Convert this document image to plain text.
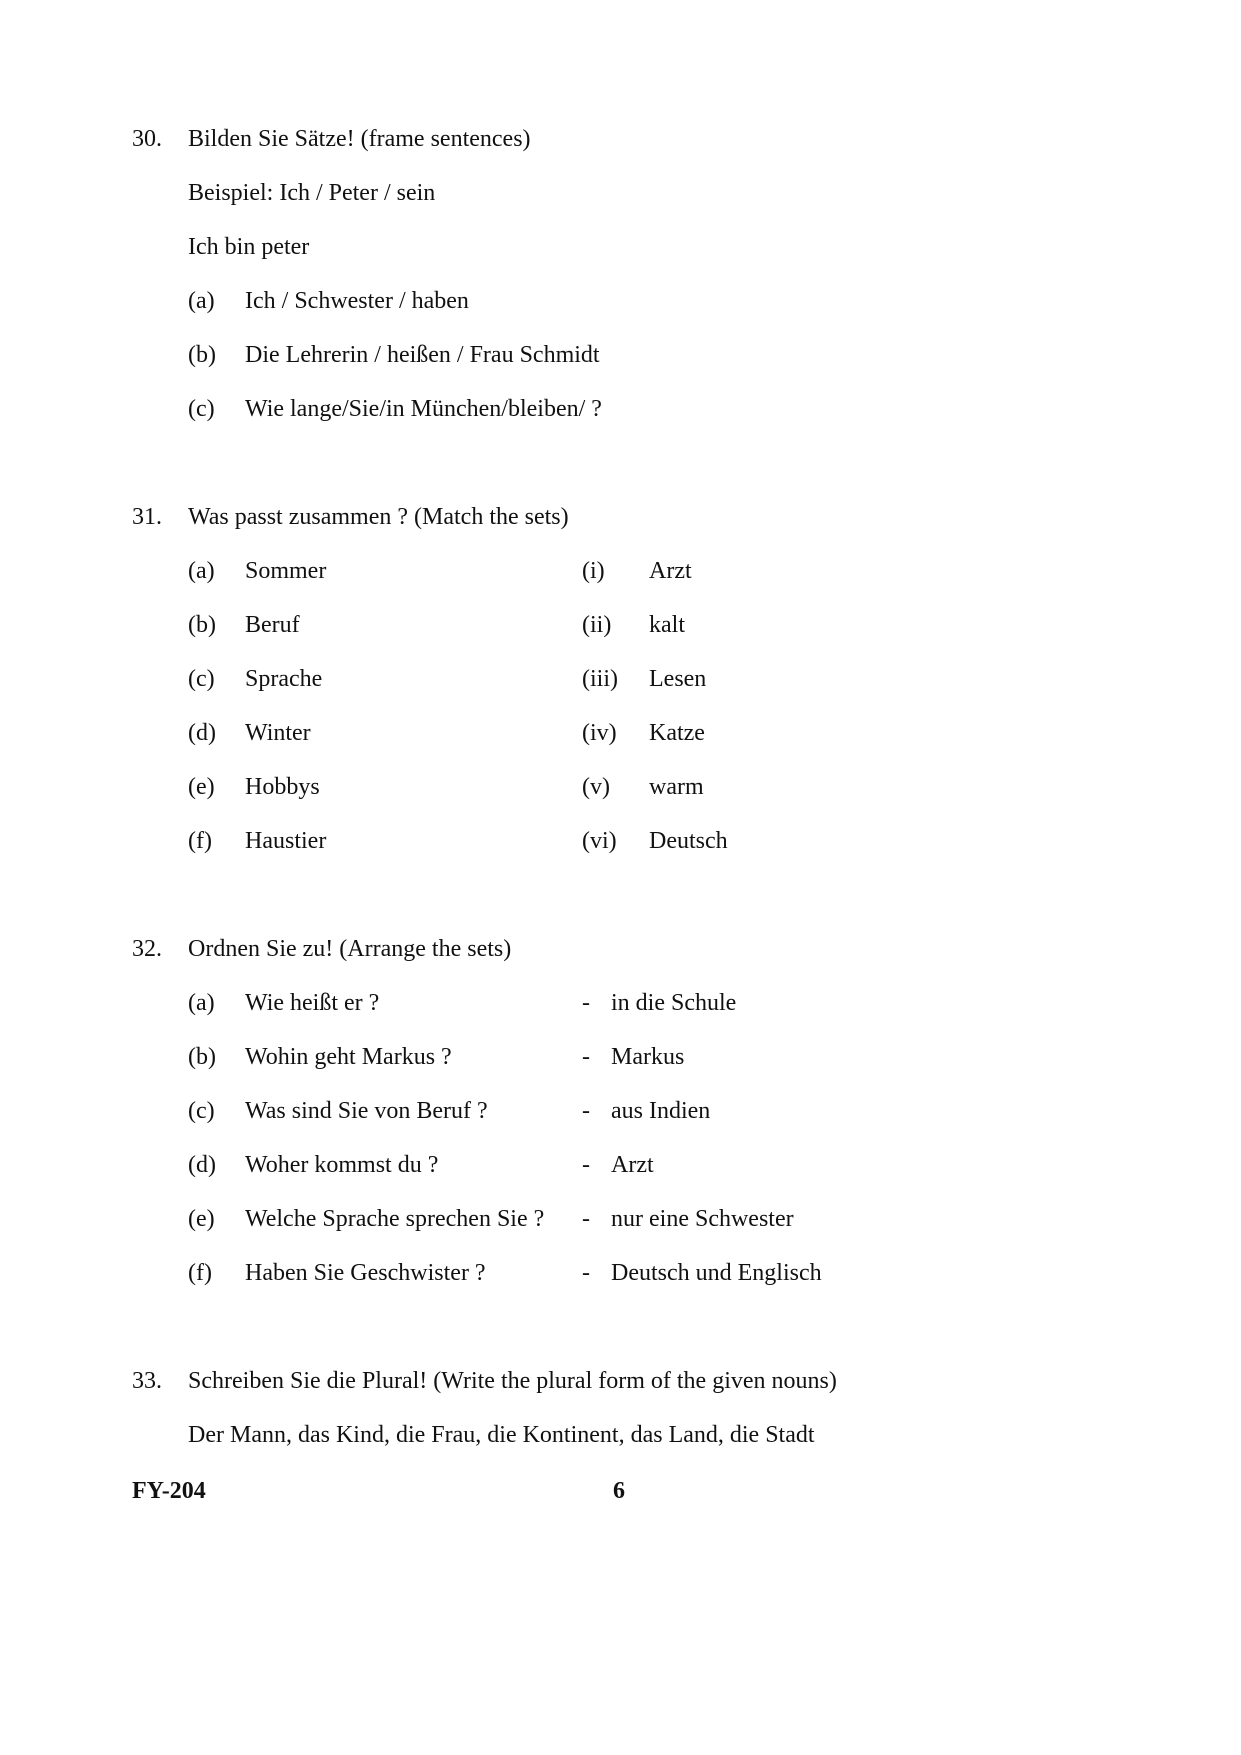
30. Bilden Sie Sätze! (frame sentences)
Beispiel: Ich / Peter / sein
Ich bin peter
(a) Ich / Schwester / haben
(b) Die Lehrerin / heißen / Frau Schmidt
(c) Wie lange/Sie/in München/bleiben/ ?
31. Was passt zusammen ? (Match the sets)
(a) Sommer	(i) Arzt
(b) Beruf	(ii) kalt
(c) Sprache	(iii) Lesen
(d) Winter	(iv) Katze
(e) Hobbys	(v) warm
(f) Haustier	(vi) Deutsch
32. Ordnen Sie zu! (Arrange the sets)
(a) Wie heißt er ?	- in die Schule
(b) Wohin geht Markus ?	- Markus
(c) Was sind Sie von Beruf ?	- aus Indien
(d) Woher kommst du ?	- Arzt
(e) Welche Sprache sprechen Sie ? - nur eine Schwester
(f) Haben Sie Geschwister ?	- Deutsch und Englisch
33. Schreiben Sie die Plural! (Write the plural form of the given nouns)
Der Mann, das Kind, die Frau, die Kontinent, das Land, die Stadt
FY-204	6
